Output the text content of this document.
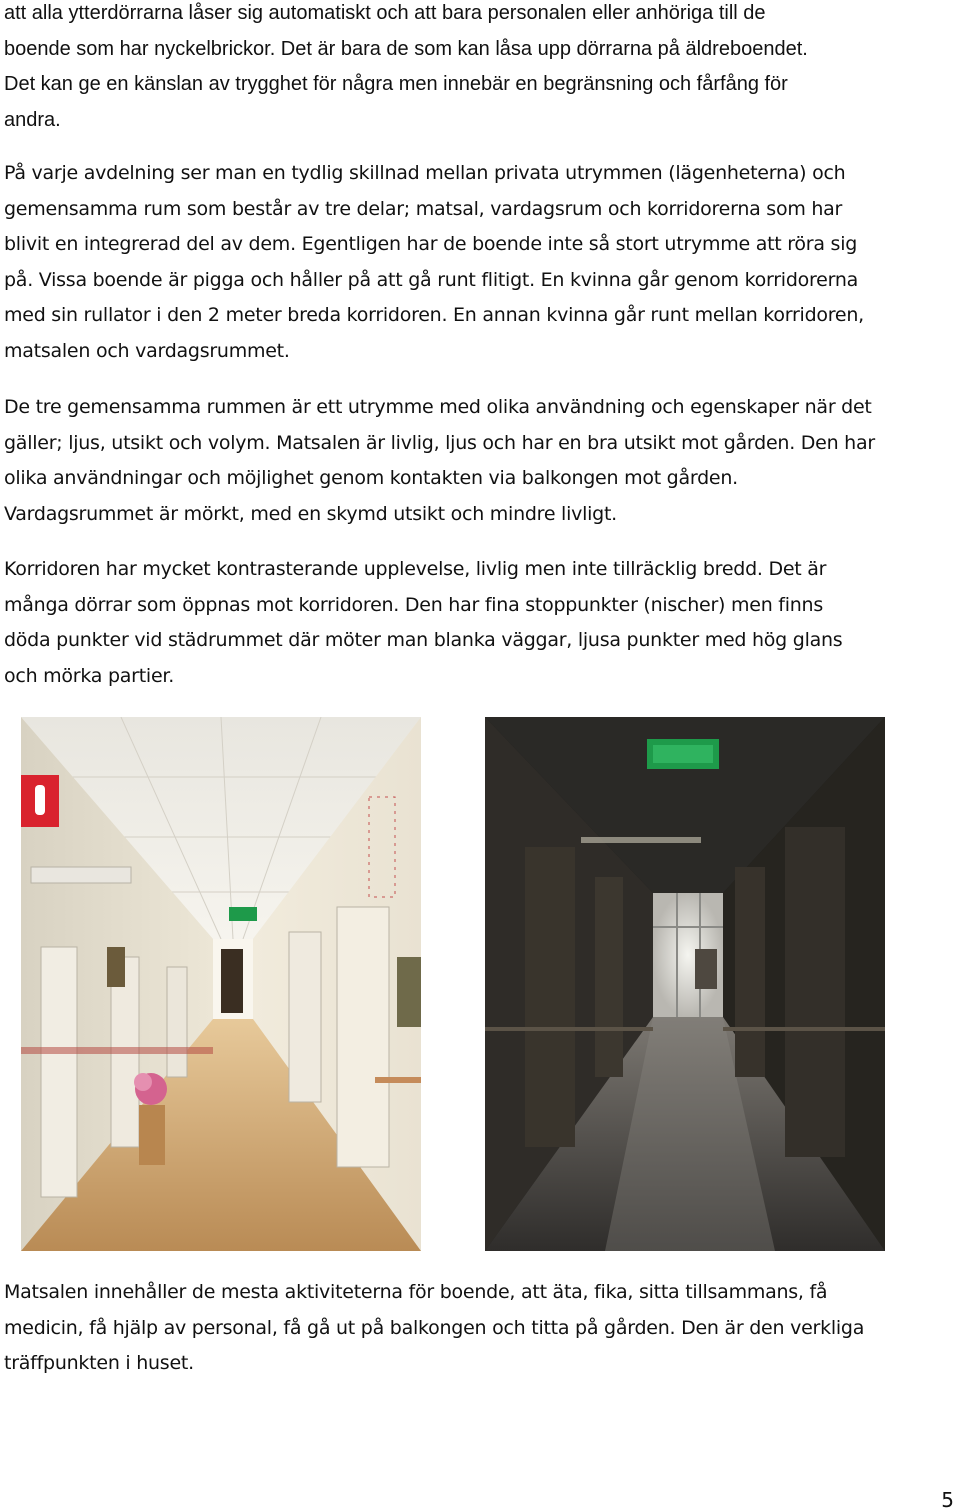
att alla ytterdörrarna låser sig automatiskt och att bara personalen eller anhöriga till de
boende som har nyckelbrickor. Det är bara de som kan låsa upp dörrarna på äldreboendet.
Det kan ge en känslan av trygghet för några men innebär en begränsning och fårfång för
andra.

På varje avdelning ser man en tydlig skillnad mellan privata utrymmen (lägenheterna) och
gemensamma rum som består av tre delar; matsal, vardagsrum och korridorerna som har
blivit en integrerad del av dem. Egentligen har de boende inte så stort utrymme att röra sig
på. Vissa boende är pigga och håller på att gå runt flitigt. En kvinna går genom korridorerna
med sin rullator i den 2 meter breda korridoren. En annan kvinna går runt mellan korridoren,
matsalen och vardagsrummet.

De tre gemensamma rummen är ett utrymme med olika användning och egenskaper när det
gäller; ljus, utsikt och volym. Matsalen är livlig, ljus och har en bra utsikt mot gården. Den har
olika användningar och möjlighet genom kontakten via balkongen mot gården.
Vardagsrummet är mörkt, med en skymd utsikt och mindre livligt.

Korridoren har mycket kontrasterande upplevelse, livlig men inte tillräcklig bredd. Det är
många dörrar som öppnas mot korridoren. Den har fina stoppunkter (nischer) men finns
döda punkter vid städrummet där möter man blanka väggar, ljusa punkter med hög glans
och mörka partier.

Matsalen innehåller de mesta aktiviteterna för boende, att äta, fika, sitta tillsammans, få
medicin, få hjälp av personal, få gå ut på balkongen och titta på gården. Den är den verkliga
träffpunkten i huset.

5
